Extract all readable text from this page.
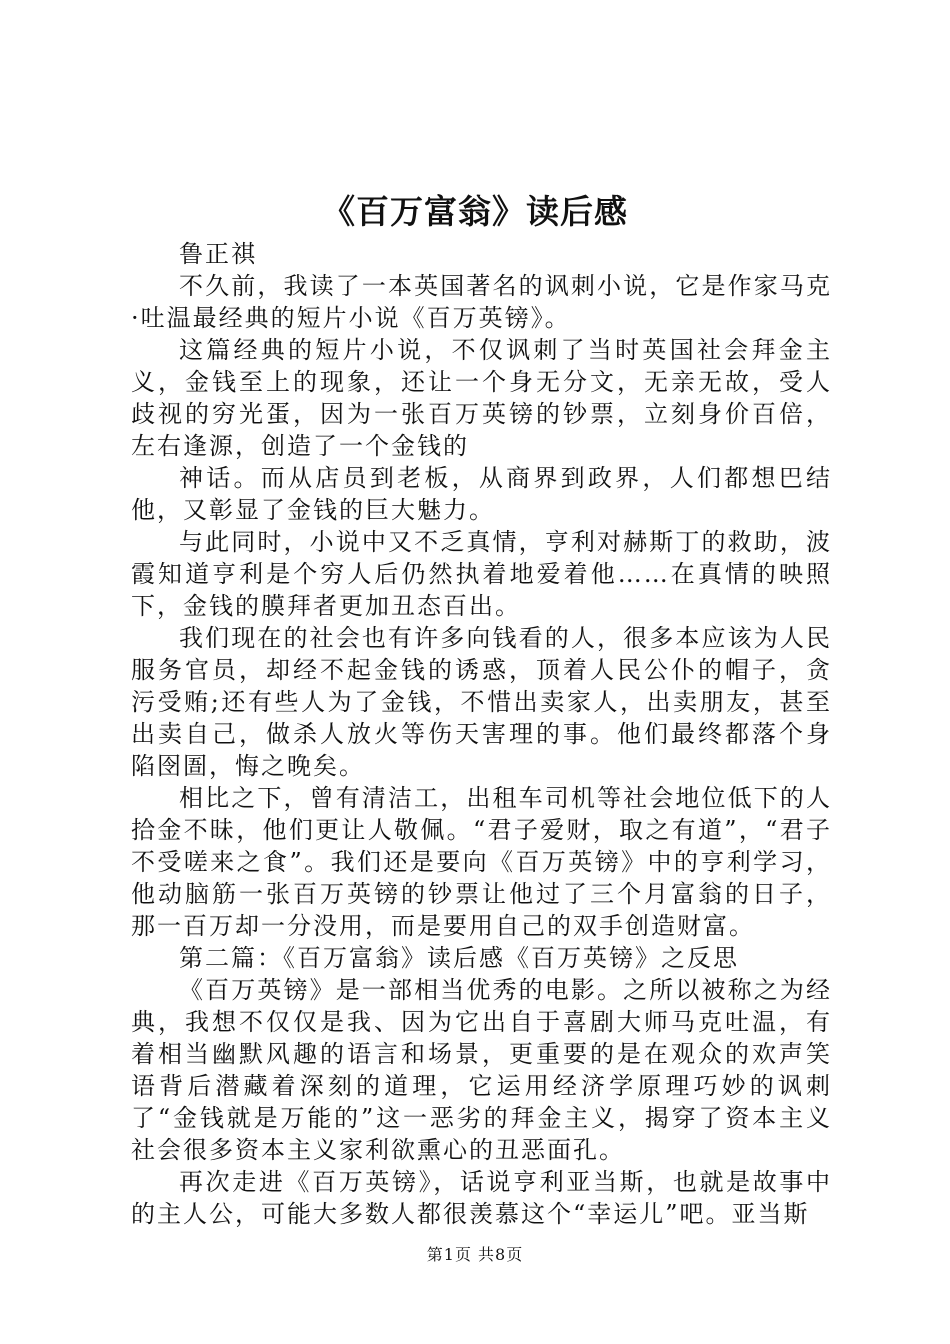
《百万富翁》读后感

鲁正祺

不久前，我读了一本英国著名的讽刺小说，它是作家马克·吐温最经典的短片小说《百万英镑》。

这篇经典的短片小说，不仅讽刺了当时英国社会拜金主义，金钱至上的现象，还让一个身无分文，无亲无故，受人歧视的穷光蛋，因为一张百万英镑的钞票，立刻身价百倍，左右逢源，创造了一个金钱的

神话。而从店员到老板，从商界到政界，人们都想巴结他，又彰显了金钱的巨大魅力。

与此同时，小说中又不乏真情，亨利对赫斯丁的救助，波霞知道亨利是个穷人后仍然执着地爱着他……在真情的映照下，金钱的膜拜者更加丑态百出。

我们现在的社会也有许多向钱看的人，很多本应该为人民服务官员，却经不起金钱的诱惑，顶着人民公仆的帽子，贪污受贿;还有些人为了金钱，不惜出卖家人，出卖朋友，甚至出卖自己，做杀人放火等伤天害理的事。他们最终都落个身陷囹圄，悔之晚矣。

相比之下，曾有清洁工，出租车司机等社会地位低下的人拾金不昧，他们更让人敬佩。“君子爱财，取之有道”，“君子不受嗟来之食”。我们还是要向《百万英镑》中的亨利学习，他动脑筋一张百万英镑的钞票让他过了三个月富翁的日子，那一百万却一分没用，而是要用自己的双手创造财富。

第二篇：《百万富翁》读后感《百万英镑》之反思

《百万英镑》是一部相当优秀的电影。之所以被称之为经典，我想不仅仅是我、因为它出自于喜剧大师马克吐温，有着相当幽默风趣的语言和场景，更重要的是在观众的欢声笑语背后潜藏着深刻的道理，它运用经济学原理巧妙的讽刺了“金钱就是万能的”这一恶劣的拜金主义，揭穿了资本主义社会很多资本主义家利欲熏心的丑恶面孔。

再次走进《百万英镑》，话说亨利亚当斯，也就是故事中的主人公，可能大多数人都很羡慕这个“幸运儿”吧。亚当斯

第1页 共8页
